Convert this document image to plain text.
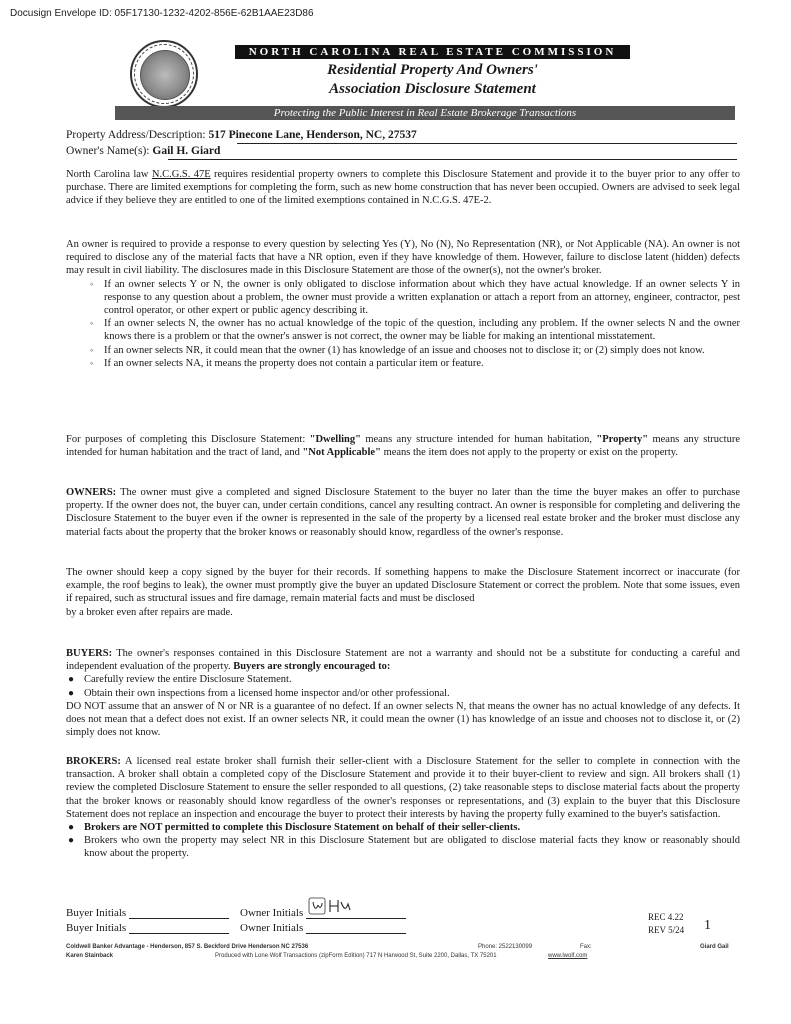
Docusign Envelope ID: 05F17130-1232-4202-856E-62B1AAE23D86
NORTH CAROLINA REAL ESTATE COMMISSION
Residential Property And Owners'
Association Disclosure Statement
Protecting the Public Interest in Real Estate Brokerage Transactions
Property Address/Description: 517 Pinecone Lane, Henderson, NC, 27537
Owner's Name(s): Gail H. Giard

North Carolina law N.C.G.S. 47E requires residential property owners to complete this Disclosure Statement and provide it to the buyer prior to any offer to purchase. There are limited exemptions for completing the form, such as new home construction that has never been occupied. Owners are advised to seek legal advice if they believe they are entitled to one of the limited exemptions contained in N.C.G.S. 47E-2.

An owner is required to provide a response to every question by selecting Yes (Y), No (N), No Representation (NR), or Not Applicable (NA). An owner is not required to disclose any of the material facts that have a NR option, even if they have knowledge of them. However, failure to disclose latent (hidden) defects may result in civil liability. The disclosures made in this Disclosure Statement are those of the owner(s), not the owner's broker.

◦	If an owner selects Y or N, the owner is only obligated to disclose information about which they have actual knowledge. If an owner selects Y in response to any question about a problem, the owner must provide a written explanation or attach a report from an attorney, engineer, contractor, pest control operator, or other expert or public agency describing it.
◦	If an owner selects N, the owner has no actual knowledge of the topic of the question, including any problem. If the owner selects N and the owner knows there is a problem or that the owner's answer is not correct, the owner may be liable for making an intentional misstatement.
◦	If an owner selects NR, it could mean that the owner (1) has knowledge of an issue and chooses not to disclose it; or (2) simply does not know.
◦	If an owner selects NA, it means the property does not contain a particular item or feature.

For purposes of completing this Disclosure Statement: "Dwelling" means any structure intended for human habitation, "Property" means any structure intended for human habitation and the tract of land, and "Not Applicable" means the item does not apply to the property or exist on the property.

OWNERS: The owner must give a completed and signed Disclosure Statement to the buyer no later than the time the buyer makes an offer to purchase property. If the owner does not, the buyer can, under certain conditions, cancel any resulting contract. An owner is responsible for completing and delivering the Disclosure Statement to the buyer even if the owner is represented in the sale of the property by a licensed real estate broker and the broker must disclose any material facts about the property that the broker knows or reasonably should know, regardless of the owner's response.

The owner should keep a copy signed by the buyer for their records. If something happens to make the Disclosure Statement incorrect or inaccurate (for example, the roof begins to leak), the owner must promptly give the buyer an updated Disclosure Statement or correct the problem. Note that some issues, even if repaired, such as structural issues and fire damage, remain material facts and must be disclosed

by a broker even after repairs are made.

BUYERS: The owner's responses contained in this Disclosure Statement are not a warranty and should not be a substitute for conducting a careful and independent evaluation of the property. Buyers are strongly encouraged to:

● Carefully review the entire Disclosure Statement.
● Obtain their own inspections from a licensed home inspector and/or other professional.

DO NOT assume that an answer of N or NR is a guarantee of no defect. If an owner selects N, that means the owner has no actual knowledge of any defects. It does not mean that a defect does not exist. If an owner selects NR, it could mean the owner (1) has knowledge of an issue and chooses not to disclose it, or (2) simply does not know.

BROKERS: A licensed real estate broker shall furnish their seller-client with a Disclosure Statement for the seller to complete in connection with the transaction. A broker shall obtain a completed copy of the Disclosure Statement and provide it to their buyer-client to review and sign. All brokers shall (1) review the completed Disclosure Statement to ensure the seller responded to all questions, (2) take reasonable steps to disclose material facts about the property that the broker knows or reasonably should know regardless of the owner's responses or representations, and (3) explain to the buyer that this Disclosure Statement does not replace an inspection and encourage the buyer to protect their interests by having the property fully examined to the buyer's satisfaction.

● Brokers are NOT permitted to complete this Disclosure Statement on behalf of their seller-clients.
● Brokers who own the property may select NR in this Disclosure Statement but are obligated to disclose material facts they know or reasonably should know about the property.
Buyer Initials	Owner Initials
Buyer Initials	Owner Initials
REC 4.22
REV 5/24 1
Coldwell Banker Advantage - Henderson, 857 S. Beckford Drive Henderson NC 27536	Phone: 2522130099	Fax:	Giard Gail
Karen Stainback	Produced with Lone Wolf Transactions (zipForm Edition) 717 N Harwood St, Suite 2200, Dallas, TX 75201	www.lwolf.com
